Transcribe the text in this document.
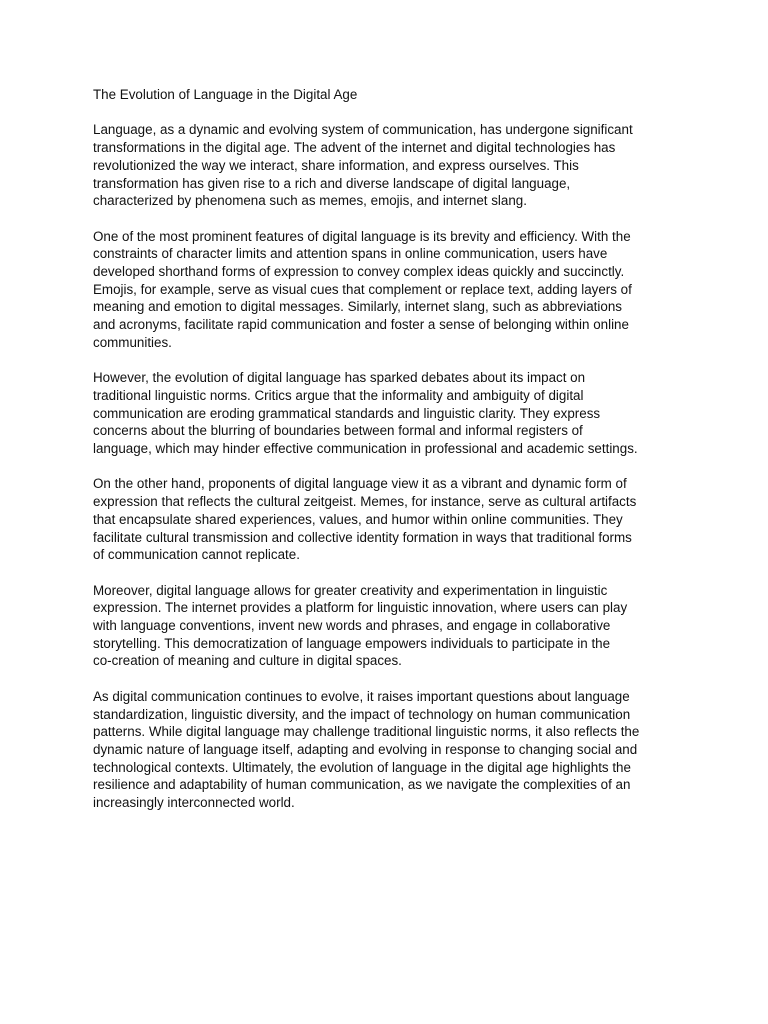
The Evolution of Language in the Digital Age
Language, as a dynamic and evolving system of communication, has undergone significant
transformations in the digital age. The advent of the internet and digital technologies has
revolutionized the way we interact, share information, and express ourselves. This
transformation has given rise to a rich and diverse landscape of digital language,
characterized by phenomena such as memes, emojis, and internet slang.
One of the most prominent features of digital language is its brevity and efficiency. With the
constraints of character limits and attention spans in online communication, users have
developed shorthand forms of expression to convey complex ideas quickly and succinctly.
Emojis, for example, serve as visual cues that complement or replace text, adding layers of
meaning and emotion to digital messages. Similarly, internet slang, such as abbreviations
and acronyms, facilitate rapid communication and foster a sense of belonging within online
communities.
However, the evolution of digital language has sparked debates about its impact on
traditional linguistic norms. Critics argue that the informality and ambiguity of digital
communication are eroding grammatical standards and linguistic clarity. They express
concerns about the blurring of boundaries between formal and informal registers of
language, which may hinder effective communication in professional and academic settings.
On the other hand, proponents of digital language view it as a vibrant and dynamic form of
expression that reflects the cultural zeitgeist. Memes, for instance, serve as cultural artifacts
that encapsulate shared experiences, values, and humor within online communities. They
facilitate cultural transmission and collective identity formation in ways that traditional forms
of communication cannot replicate.
Moreover, digital language allows for greater creativity and experimentation in linguistic
expression. The internet provides a platform for linguistic innovation, where users can play
with language conventions, invent new words and phrases, and engage in collaborative
storytelling. This democratization of language empowers individuals to participate in the
co-creation of meaning and culture in digital spaces.
As digital communication continues to evolve, it raises important questions about language
standardization, linguistic diversity, and the impact of technology on human communication
patterns. While digital language may challenge traditional linguistic norms, it also reflects the
dynamic nature of language itself, adapting and evolving in response to changing social and
technological contexts. Ultimately, the evolution of language in the digital age highlights the
resilience and adaptability of human communication, as we navigate the complexities of an
increasingly interconnected world.
